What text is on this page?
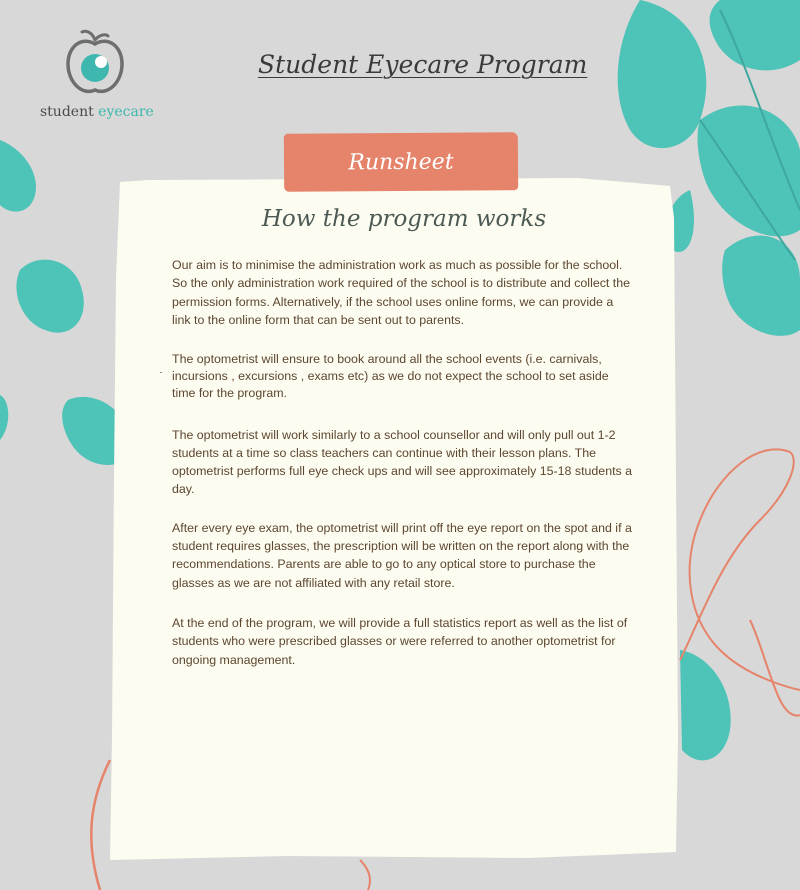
student eyecare
Student Eyecare Program
Runsheet
How the program works

Our aim is to minimise the administration work as much as possible for the school. So the only administration work required of the school is to distribute and collect the permission forms. Alternatively, if the school uses online forms, we can provide a link to the online form that can be sent out to parents.

The optometrist will ensure to book around all the school events (i.e. carnivals, incursions , excursions , exams etc) as we do not expect the school to set aside time for the program.

The optometrist will work similarly to a school counsellor and will only pull out 1-2 students at a time so class teachers can continue with their lesson plans. The optometrist performs full eye check ups and will see approximately 15-18 students a day.

After every eye exam, the optometrist will print off the eye report on the spot and if a student requires glasses, the prescription will be written on the report along with the recommendations. Parents are able to go to any optical store to purchase the glasses as we are not affiliated with any retail store.

At the end of the program, we will provide a full statistics report as well as the list of students who were prescribed glasses or were referred to another optometrist for ongoing management.
